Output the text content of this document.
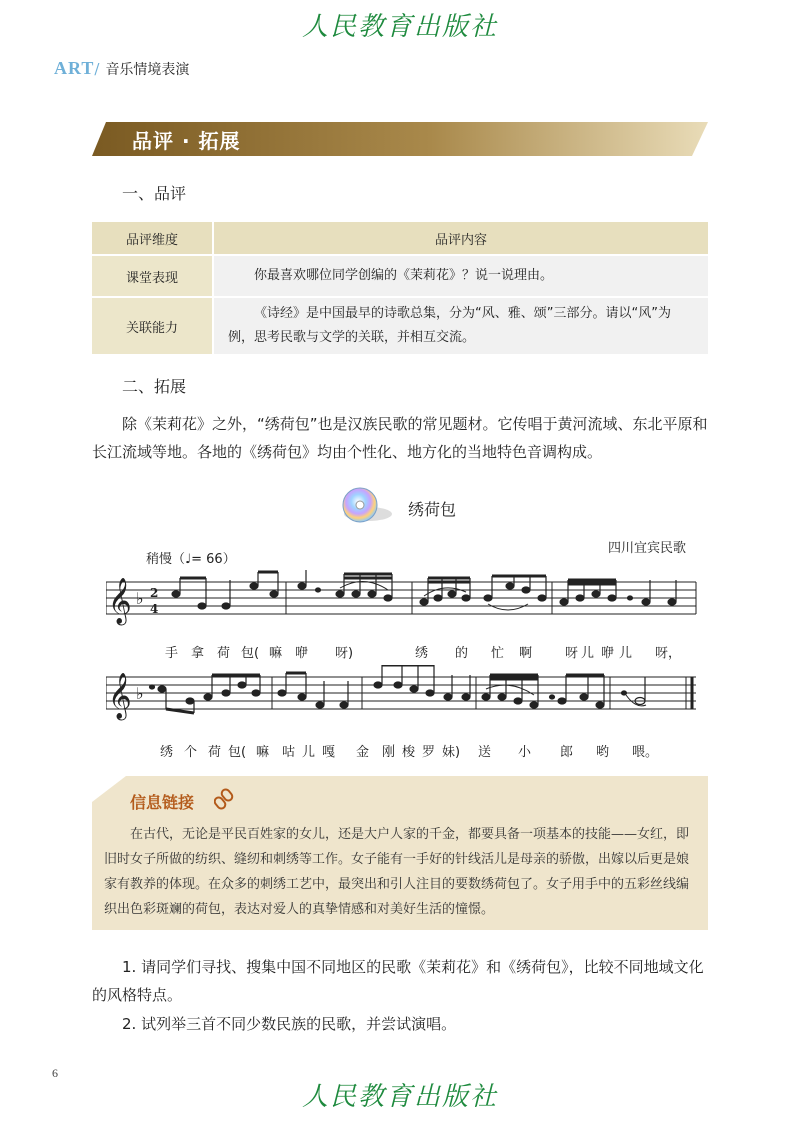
人民教育出版社
ART/ 音乐情境表演
品评 · 拓展
一、品评
品评维度	品评内容
课堂表现	你最喜欢哪位同学创编的《茉莉花》？说一说理由。
关联能力	《诗经》是中国最早的诗歌总集，分为“风、雅、颂”三部分。请以“风”为例，思考民歌与文学的关联，并相互交流。
二、拓展
除《茉莉花》之外，“绣荷包”也是汉族民歌的常见题材。它传唱于黄河流域、东北平原和长江流域等地。各地的《绣荷包》均由个性化、地方化的当地特色音调构成。
绣荷包
四川宜宾民歌
稍慢（♩= 66）
𝄞 ♭ 2
4
手 拿 荷 包( 嘛 咿 呀)	绣 的 忙 啊	呀 儿 咿 儿 呀，
𝄞 ♭
绣 个 荷 包( 嘛 咕 儿 嘎 金 刚 梭 罗 妹) 送 小 郎 哟 喂。
信息链接
在古代，无论是平民百姓家的女儿，还是大户人家的千金，都要具备一项基本的技能——女红，即旧时女子所做的纺织、缝纫和刺绣等工作。女子能有一手好的针线活儿是母亲的骄傲，出嫁以后更是娘家有教养的体现。在众多的刺绣工艺中，最突出和引人注目的要数绣荷包了。女子用手中的五彩丝线编织出色彩斑斓的荷包，表达对爱人的真挚情感和对美好生活的憧憬。
1. 请同学们寻找、搜集中国不同地区的民歌《茉莉花》和《绣荷包》，比较不同地域文化的风格特点。
2. 试列举三首不同少数民族的民歌，并尝试演唱。
6
人民教育出版社
